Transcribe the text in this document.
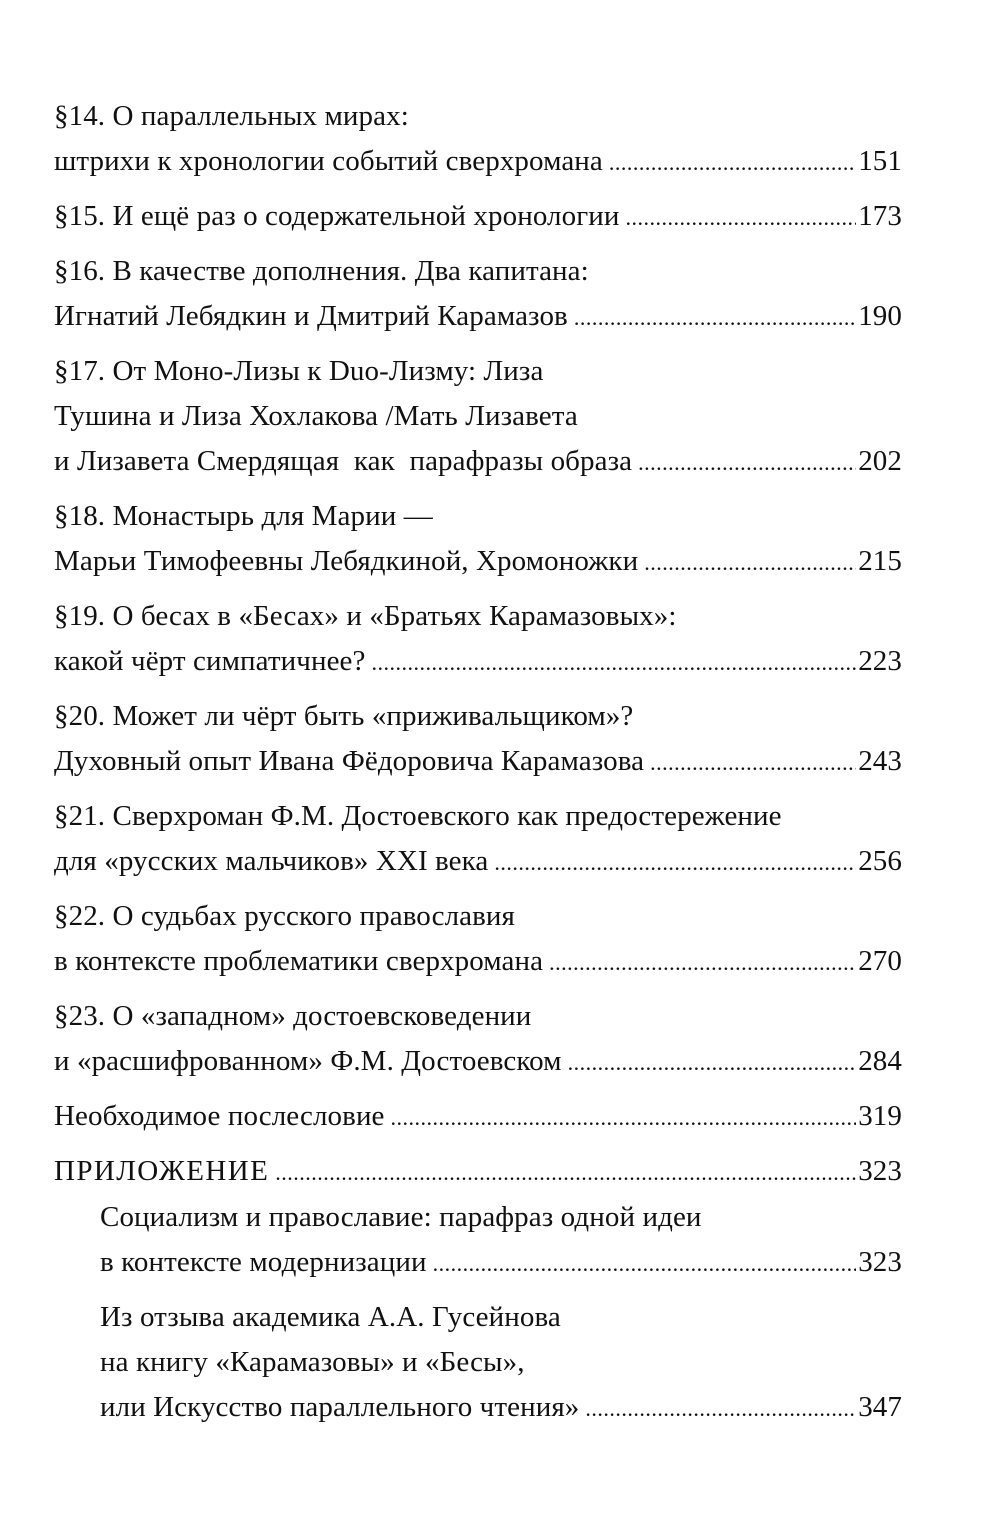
§14. О параллельных мирах:
штрихи к хронологии событий сверхромана .....	151
§15. И ещё раз о содержательной хронологии .....	173
§16. В качестве дополнения. Два капитана:
Игнатий Лебядкин и Дмитрий Карамазов .....	190
§17. От Моно-Лизы к Duo-Лизму: Лиза
Тушина и Лиза Хохлакова /Мать Лизавета
и Лизавета Смердящая  как  парафразы образа .....	202
§18. Монастырь для Марии —
Марьи Тимофеевны Лебядкиной, Хромоножки .....	215
§19. О бесах в «Бесах» и «Братьях Карамазовых»:
какой чёрт симпатичнее? .....	223
§20. Может ли чёрт быть «приживальщиком»?
Духовный опыт Ивана Фёдоровича Карамазова .....	243
§21. Сверхроман Ф.М. Достоевского как предостережение
для «русских мальчиков» XXI века .....	256
§22. О судьбах русского православия
в контексте проблематики сверхромана .....	270
§23. О «западном» достоевсковедении
и «расшифрованном» Ф.М. Достоевском .....	284
Необходимое послесловие .....	319
ПРИЛОЖЕНИЕ .....	323
Социализм и православие: парафраз одной идеи
в контексте модернизации .....	323
Из отзыва академика А.А. Гусейнова
на книгу «Карамазовы» и «Бесы»,
или Искусство параллельного чтения» .....	347
